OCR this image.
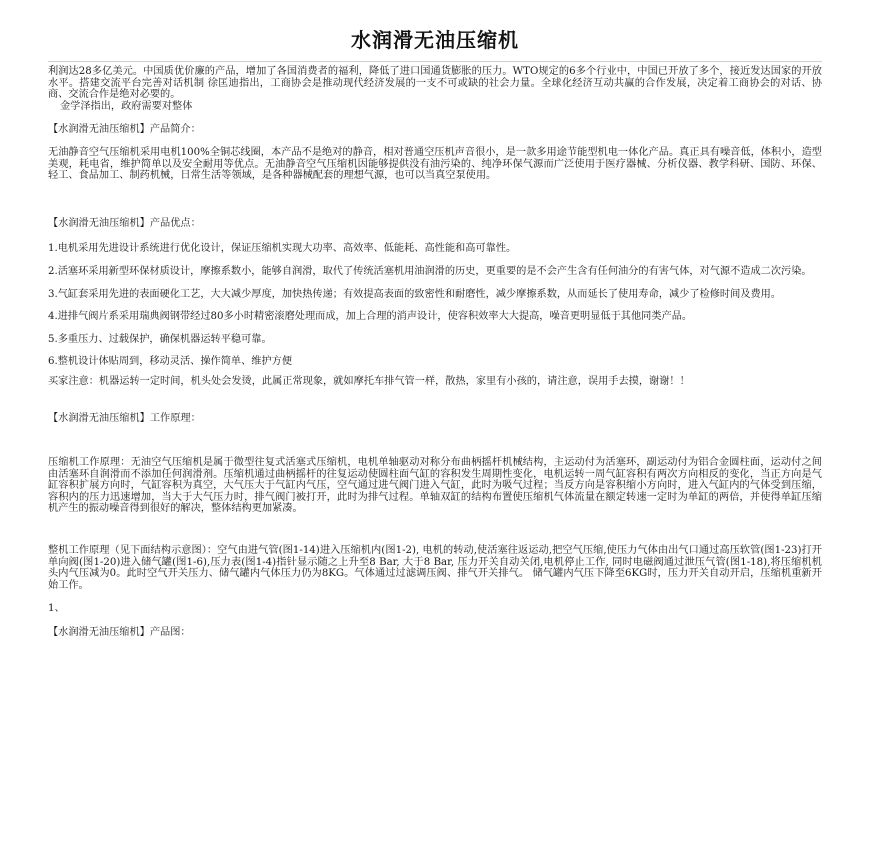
水润滑无油压缩机

利润达28多亿美元。中国质优价廉的产品，增加了各国消费者的福利，降低了进口国通货膨胀的压力。WTO规定的6多个行业中，中国已开放了多个，接近发达国家的开放水平。搭建交流平台完善对话机制 徐匡迪指出，工商协会是推动现代经济发展的一支不可或缺的社会力量。全球化经济互动共赢的合作发展，决定着工商协会的对话、协商、交流合作是绝对必要的。

金学泽指出，政府需要对整体

【水润滑无油压缩机】产品简介：

无油静音空气压缩机采用电机100%全铜芯线圈，本产品不是绝对的静音，相对普通空压机声音很小，是一款多用途节能型机电一体化产品。真正具有噪音低，体积小，造型美观，耗电省，维护简单以及安全耐用等优点。无油静音空气压缩机因能够提供没有油污染的、纯净环保气源而广泛使用于医疗器械、分析仪器、教学科研、国防、环保、轻工、食品加工、制药机械，日常生活等领域，是各种器械配套的理想气源，也可以当真空泵使用。

【水润滑无油压缩机】产品优点：

1.电机采用先进设计系统进行优化设计，保证压缩机实现大功率、高效率、低能耗、高性能和高可靠性。

2.活塞环采用新型环保材质设计，摩擦系数小，能够自润滑，取代了传统活塞机用油润滑的历史，更重要的是不会产生含有任何油分的有害气体，对气源不造成二次污染。

3.气缸套采用先进的表面硬化工艺，大大减少厚度，加快热传递；有效提高表面的致密性和耐磨性，减少摩擦系数，从而延长了使用寿命，减少了检修时间及费用。

4.进排气阀片系采用瑞典阀钢带经过80多小时精密滚磨处理而成，加上合理的消声设计，使容积效率大大提高，噪音更明显低于其他同类产品。

5.多重压力、过载保护，确保机器运转平稳可靠。

6.整机设计体贴周到，移动灵活、操作简单、维护方便

买家注意：机器运转一定时间，机头处会发烫，此属正常现象，就如摩托车排气管一样，散热，家里有小孩的，请注意，误用手去摸，谢谢！！

【水润滑无油压缩机】工作原理：

压缩机工作原理：无油空气压缩机是属于微型往复式活塞式压缩机，电机单轴驱动对称分布曲柄摇杆机械结构，主运动付为活塞环，副运动付为铝合金圆柱面，运动付之间由活塞环自润滑而不添加任何润滑剂。压缩机通过曲柄摇杆的往复运动使圆柱面气缸的容积发生周期性变化，电机运转一周气缸容积有两次方向相反的变化，当正方向是气缸容积扩展方向时，气缸容积为真空，大气压大于气缸内气压，空气通过进气阀门进入气缸，此时为吸气过程；当反方向是容积缩小方向时，进入气缸内的气体受到压缩，容积内的压力迅速增加，当大于大气压力时，排气阀门被打开，此时为排气过程。单轴双缸的结构布置使压缩机气体流量在额定转速一定时为单缸的两倍，并使得单缸压缩机产生的振动噪音得到很好的解决，整体结构更加紧凑。

整机工作原理（见下面结构示意图）：空气由进气管(图1-14)进入压缩机内(图1-2), 电机的转动,使活塞往返运动,把空气压缩,使压力气体由出气口通过高压软管(图1-23)打开单向阀(图1-20)进入储气罐(图1-6),压力表(图1-4)指针显示随之上升至8 Bar, 大于8 Bar, 压力开关自动关闭,电机停止工作, 同时电磁阀通过泄压气管(图1-18),将压缩机机头内气压减为0。此时空气开关压力、储气罐内气体压力仍为8KG。气体通过过滤调压阀、排气开关排气。 储气罐内气压下降至6KG时，压力开关自动开启，压缩机重新开始工作。

1、

【水润滑无油压缩机】产品图：
